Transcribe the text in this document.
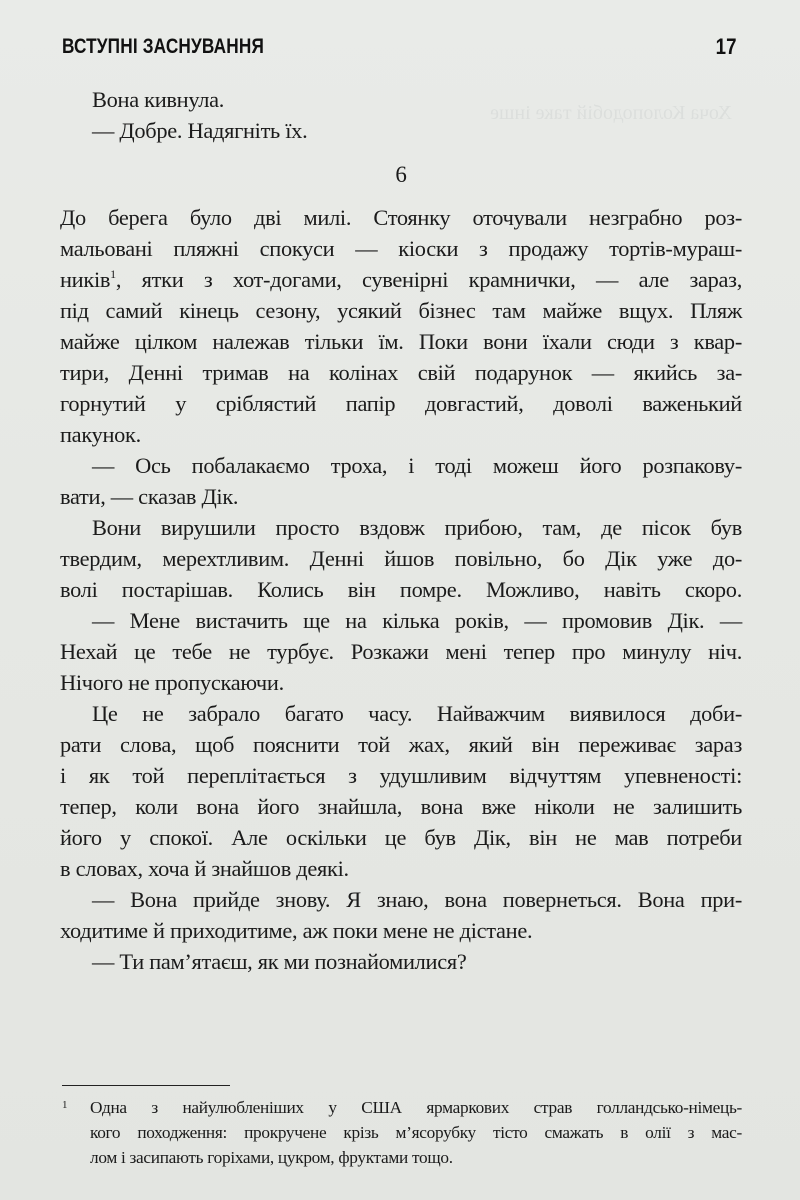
Хоча Колоподобій таке інше
ВСТУПНІ ЗАСНУВАННЯ	17

Вона кивнула.

— Добре. Надягніть їх.

6

До берега було дві милі. Стоянку оточували незграбно роз-
мальовані пляжні спокуси — кіоски з продажу тортів-мураш-
ників$^1$, ятки з хот-догами, сувенірні крамнички, — але зараз,
під самий кінець сезону, усякий бізнес там майже вщух. Пляж
майже цілком належав тільки їм. Поки вони їхали сюди з квар-
тири, Денні тримав на колінах свій подарунок — якийсь за-
горнутий у сріблястий папір довгастий, доволі важенький
пакунок.

— Ось побалакаємо троха, і тоді можеш його розпакову-
вати, — сказав Дік.

Вони вирушили просто вздовж прибою, там, де пісок був
твердим, мерехтливим. Денні йшов повільно, бо Дік уже до-
волі постарішав. Колись він помре. Можливо, навіть скоро.

— Мене вистачить ще на кілька років, — промовив Дік. —
Нехай це тебе не турбує. Розкажи мені тепер про минулу ніч.
Нічого не пропускаючи.

Це не забрало багато часу. Найважчим виявилося доби-
рати слова, щоб пояснити той жах, який він переживає зараз
і як той переплітається з удушливим відчуттям упевненості:
тепер, коли вона його знайшла, вона вже ніколи не залишить
його у спокої. Але оскільки це був Дік, він не мав потреби
в словах, хоча й знайшов деякі.

— Вона прийде знову. Я знаю, вона повернеться. Вона при-
ходитиме й приходитиме, аж поки мене не дістане.

— Ти пам’ятаєш, як ми познайомилися?

1	Одна з найулюбленіших у США ярмаркових страв голландсько-німець-
кого походження: прокручене крізь м’ясорубку тісто смажать в олії з мас-
лом і засипають горіхами, цукром, фруктами тощо.
